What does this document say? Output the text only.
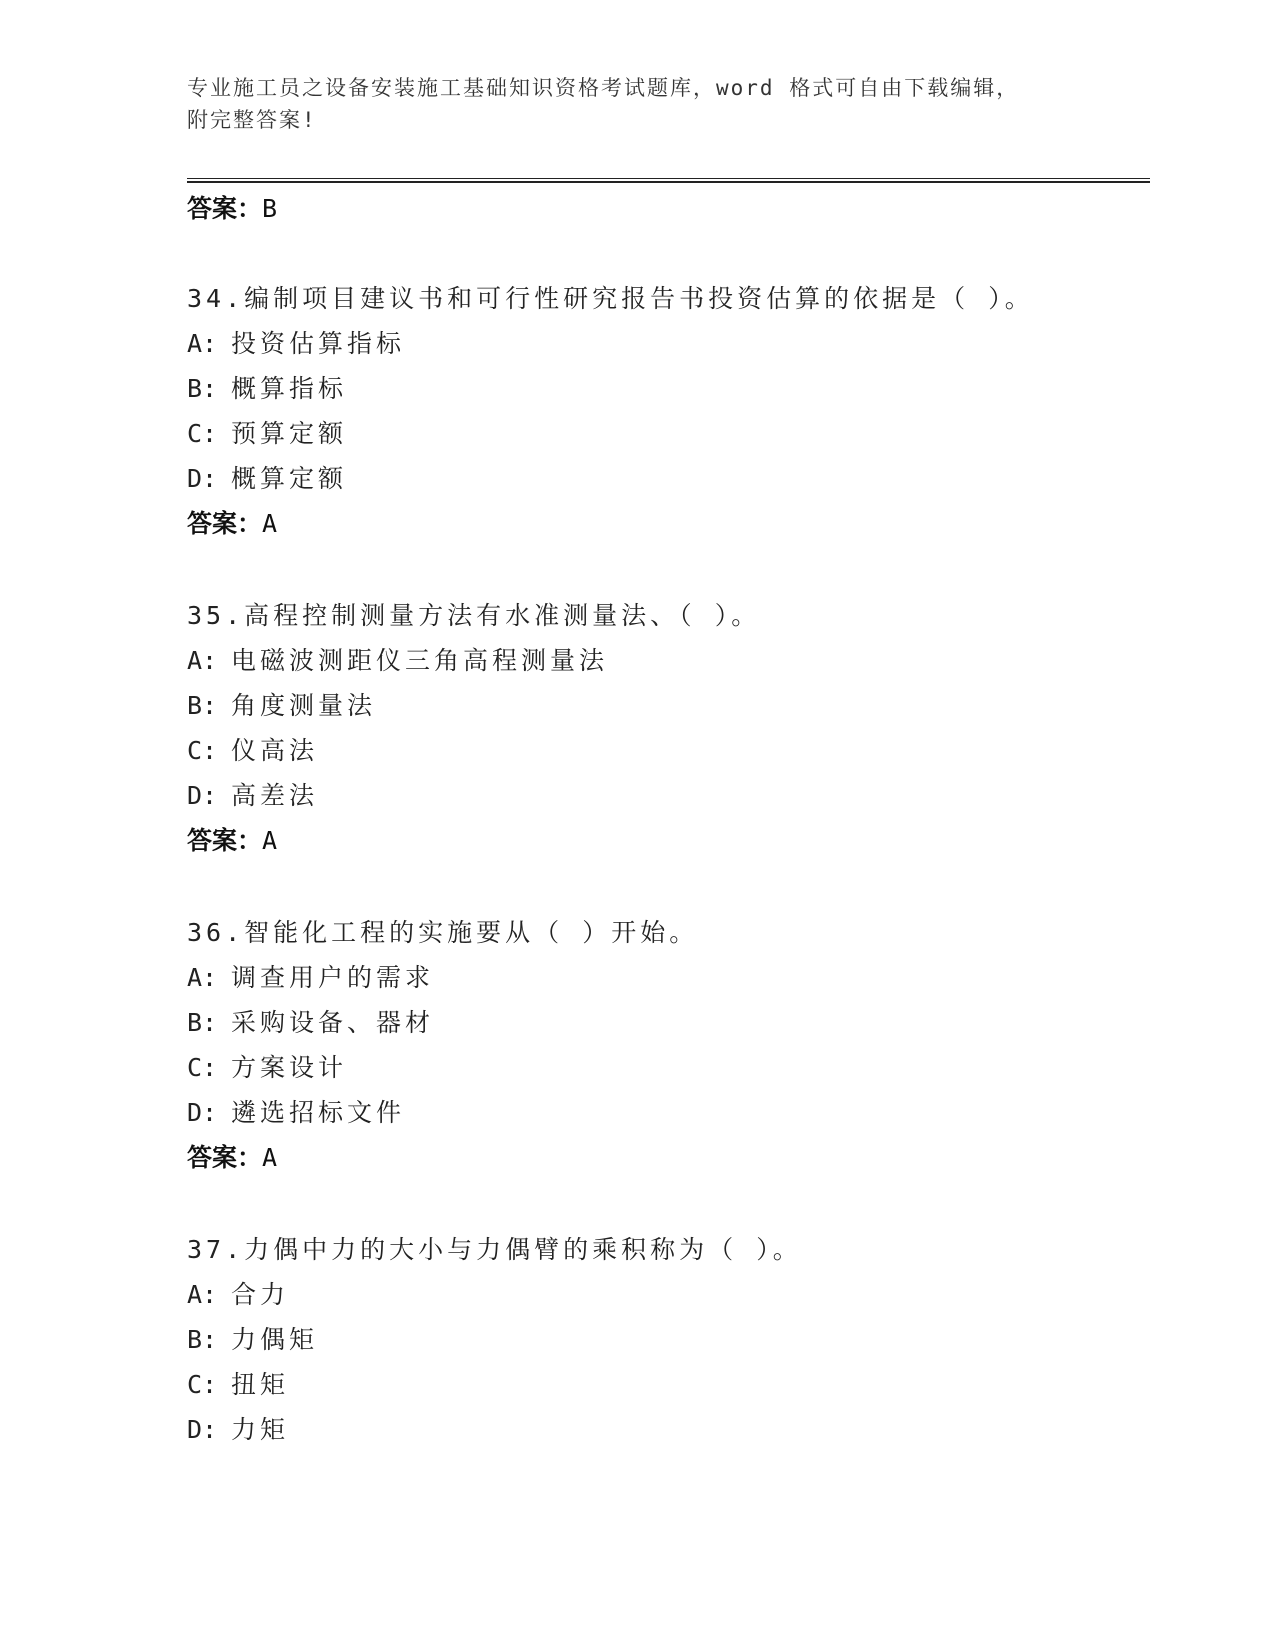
专业施工员之设备安装施工基础知识资格考试题库，word 格式可自由下载编辑，
附完整答案!
答案：B
34.编制项目建议书和可行性研究报告书投资估算的依据是（ ）。
A: 投资估算指标
B: 概算指标
C: 预算定额
D: 概算定额
答案：A
35.高程控制测量方法有水准测量法、（ ）。
A: 电磁波测距仪三角高程测量法
B: 角度测量法
C: 仪高法
D: 高差法
答案：A
36.智能化工程的实施要从（ ）开始。
A: 调查用户的需求
B: 采购设备、器材
C: 方案设计
D: 遴选招标文件
答案：A
37.力偶中力的大小与力偶臂的乘积称为（ ）。
A: 合力
B: 力偶矩
C: 扭矩
D: 力矩
